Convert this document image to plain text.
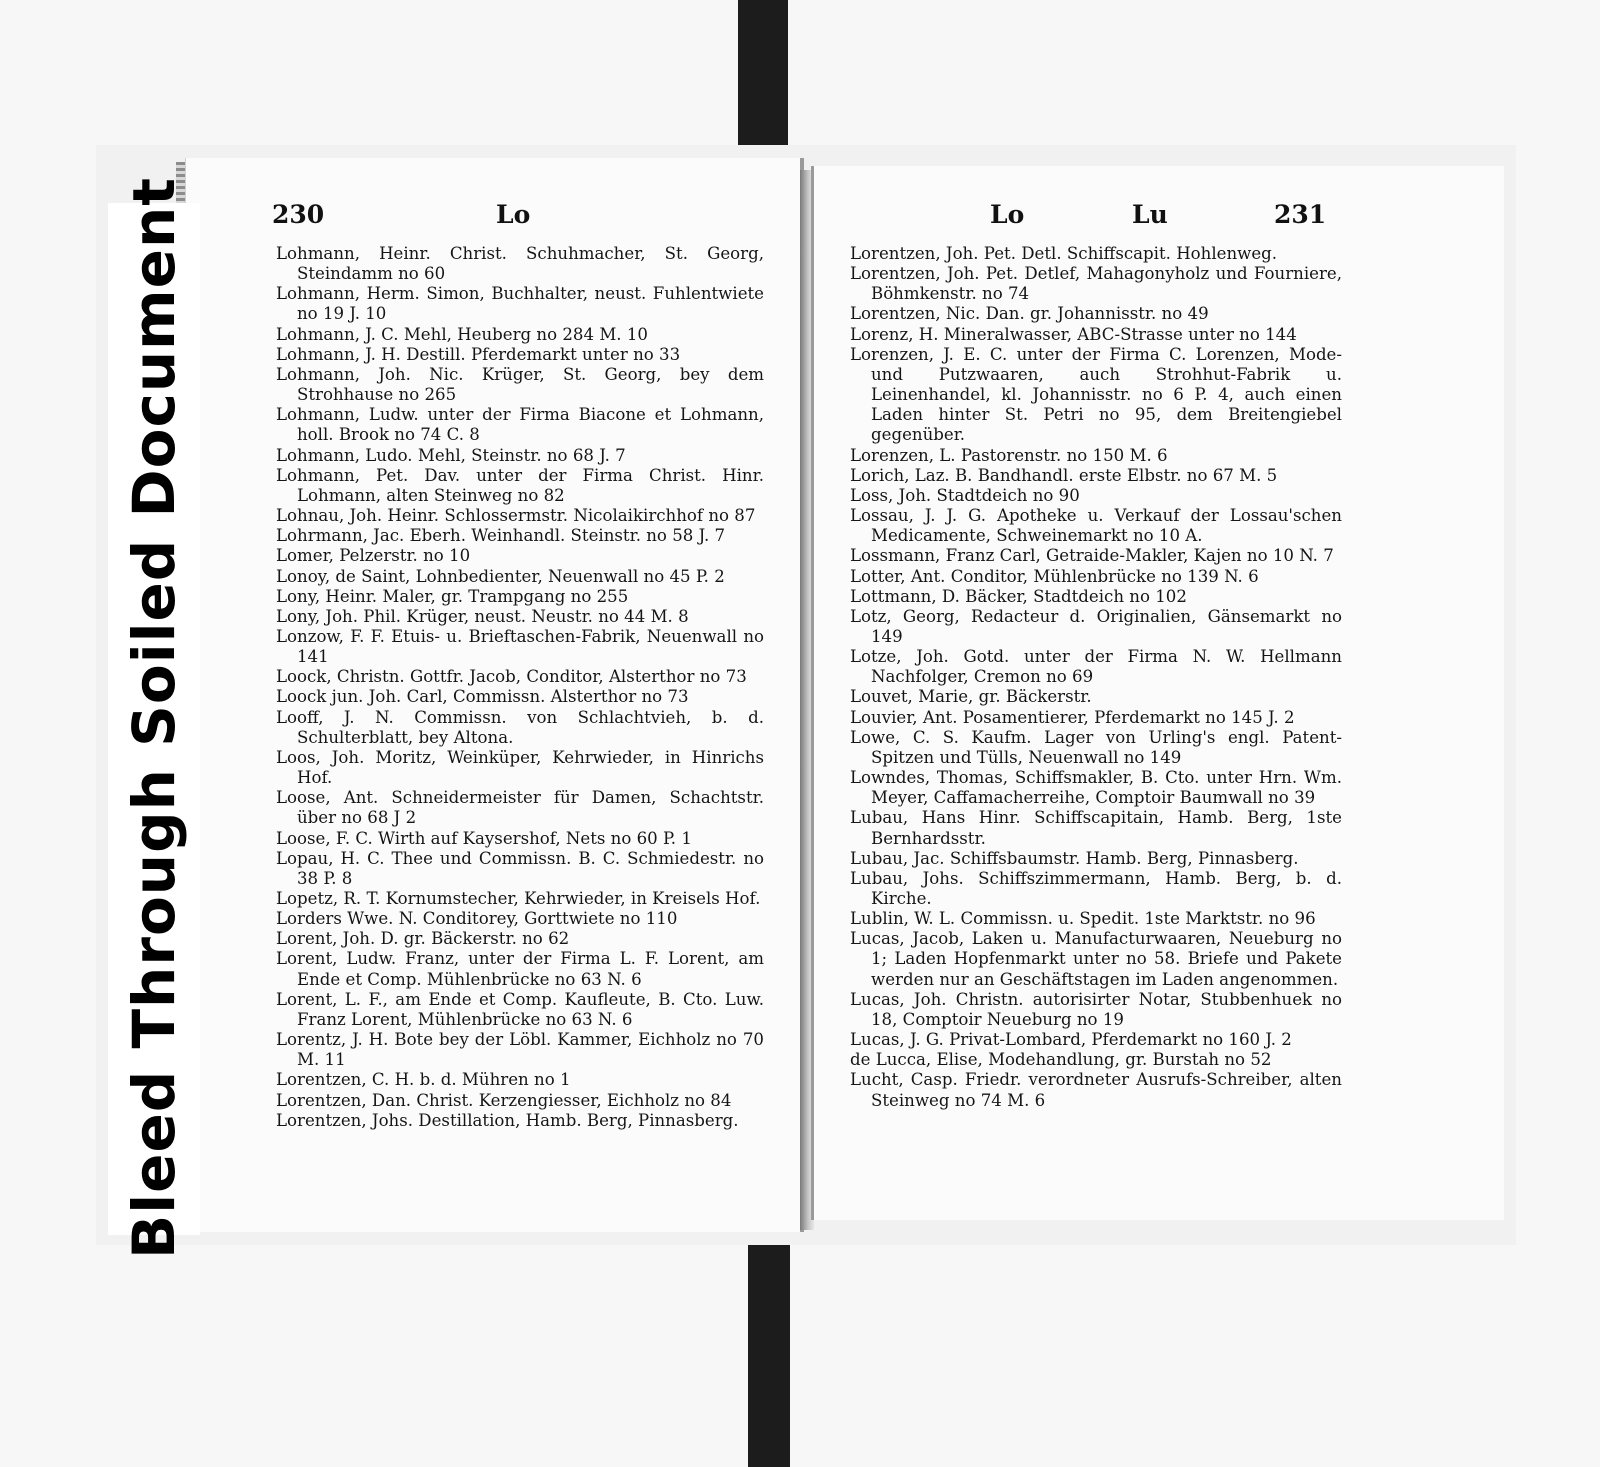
Bleed Through Soiled Document	230	Lo	Lo	Lu	231
Lohmann, Heinr. Christ. Schuhmacher, St. Georg, Steindamm no 60
Lohmann, Herm. Simon, Buchhalter, neust. Fuhlentwiete no 19 J. 10
Lohmann, J. C. Mehl, Heuberg no 284 M. 10
Lohmann, J. H. Destill. Pferdemarkt unter no 33
Lohmann, Joh. Nic. Krüger, St. Georg, bey dem Strohhause no 265
Lohmann, Ludw. unter der Firma Biacone et Lohmann, holl. Brook no 74 C. 8
Lohmann, Ludo. Mehl, Steinstr. no 68 J. 7
Lohmann, Pet. Dav. unter der Firma Christ. Hinr. Lohmann, alten Steinweg no 82
Lohnau, Joh. Heinr. Schlossermstr. Nicolaikirchhof no 87
Lohrmann, Jac. Eberh. Weinhandl. Steinstr. no 58 J. 7
Lomer, Pelzerstr. no 10
Lonoy, de Saint, Lohnbedienter, Neuenwall no 45 P. 2
Lony, Heinr. Maler, gr. Trampgang no 255
Lony, Joh. Phil. Krüger, neust. Neustr. no 44 M. 8
Lonzow, F. F. Etuis- u. Brieftaschen-Fabrik, Neuenwall no 141
Loock, Christn. Gottfr. Jacob, Conditor, Alsterthor no 73
Loock jun. Joh. Carl, Commissn. Alsterthor no 73
Looff, J. N. Commissn. von Schlachtvieh, b. d. Schulterblatt, bey Altona.
Loos, Joh. Moritz, Weinküper, Kehrwieder, in Hinrichs Hof.
Loose, Ant. Schneidermeister für Damen, Schachtstr. über no 68 J 2
Loose, F. C. Wirth auf Kaysershof, Nets no 60 P. 1
Lopau, H. C. Thee und Commissn. B. C. Schmiedestr. no 38 P. 8
Lopetz, R. T. Kornumstecher, Kehrwieder, in Kreisels Hof.
Lorders Wwe. N. Conditorey, Gorttwiete no 110
Lorent, Joh. D. gr. Bäckerstr. no 62
Lorent, Ludw. Franz, unter der Firma L. F. Lorent, am Ende et Comp. Mühlenbrücke no 63 N. 6
Lorent, L. F., am Ende et Comp. Kaufleute, B. Cto. Luw. Franz Lorent, Mühlenbrücke no 63 N. 6
Lorentz, J. H. Bote bey der Löbl. Kammer, Eichholz no 70 M. 11
Lorentzen, C. H. b. d. Mühren no 1
Lorentzen, Dan. Christ. Kerzengiesser, Eichholz no 84
Lorentzen, Johs. Destillation, Hamb. Berg, Pinnasberg.
Lorentzen, Joh. Pet. Detl. Schiffscapit. Hohlenweg.
Lorentzen, Joh. Pet. Detlef, Mahagonyholz und Fourniere, Böhmkenstr. no 74
Lorentzen, Nic. Dan. gr. Johannisstr. no 49
Lorenz, H. Mineralwasser, ABC-Strasse unter no 144
Lorenzen, J. E. C. unter der Firma C. Lorenzen, Mode- und Putzwaaren, auch Strohhut-Fabrik u. Leinenhandel, kl. Johannisstr. no 6 P. 4, auch einen Laden hinter St. Petri no 95, dem Breitengiebel gegenüber.
Lorenzen, L. Pastorenstr. no 150 M. 6
Lorich, Laz. B. Bandhandl. erste Elbstr. no 67 M. 5
Loss, Joh. Stadtdeich no 90
Lossau, J. J. G. Apotheke u. Verkauf der Lossau'schen Medicamente, Schweinemarkt no 10 A.
Lossmann, Franz Carl, Getraide-Makler, Kajen no 10 N. 7
Lotter, Ant. Conditor, Mühlenbrücke no 139 N. 6
Lottmann, D. Bäcker, Stadtdeich no 102
Lotz, Georg, Redacteur d. Originalien, Gänsemarkt no 149
Lotze, Joh. Gotd. unter der Firma N. W. Hellmann Nachfolger, Cremon no 69
Louvet, Marie, gr. Bäckerstr.
Louvier, Ant. Posamentierer, Pferdemarkt no 145 J. 2
Lowe, C. S. Kaufm. Lager von Urling's engl. Patent-Spitzen und Tülls, Neuenwall no 149
Lowndes, Thomas, Schiffsmakler, B. Cto. unter Hrn. Wm. Meyer, Caffamacherreihe, Comptoir Baumwall no 39
Lubau, Hans Hinr. Schiffscapitain, Hamb. Berg, 1ste Bernhardsstr.
Lubau, Jac. Schiffsbaumstr. Hamb. Berg, Pinnasberg.
Lubau, Johs. Schiffszimmermann, Hamb. Berg, b. d. Kirche.
Lublin, W. L. Commissn. u. Spedit. 1ste Marktstr. no 96
Lucas, Jacob, Laken u. Manufacturwaaren, Neueburg no 1; Laden Hopfenmarkt unter no 58. Briefe und Pakete werden nur an Geschäftstagen im Laden angenommen.
Lucas, Joh. Christn. autorisirter Notar, Stubbenhuek no 18, Comptoir Neueburg no 19
Lucas, J. G. Privat-Lombard, Pferdemarkt no 160 J. 2
de Lucca, Elise, Modehandlung, gr. Burstah no 52
Lucht, Casp. Friedr. verordneter Ausrufs-Schreiber, alten Steinweg no 74 M. 6
